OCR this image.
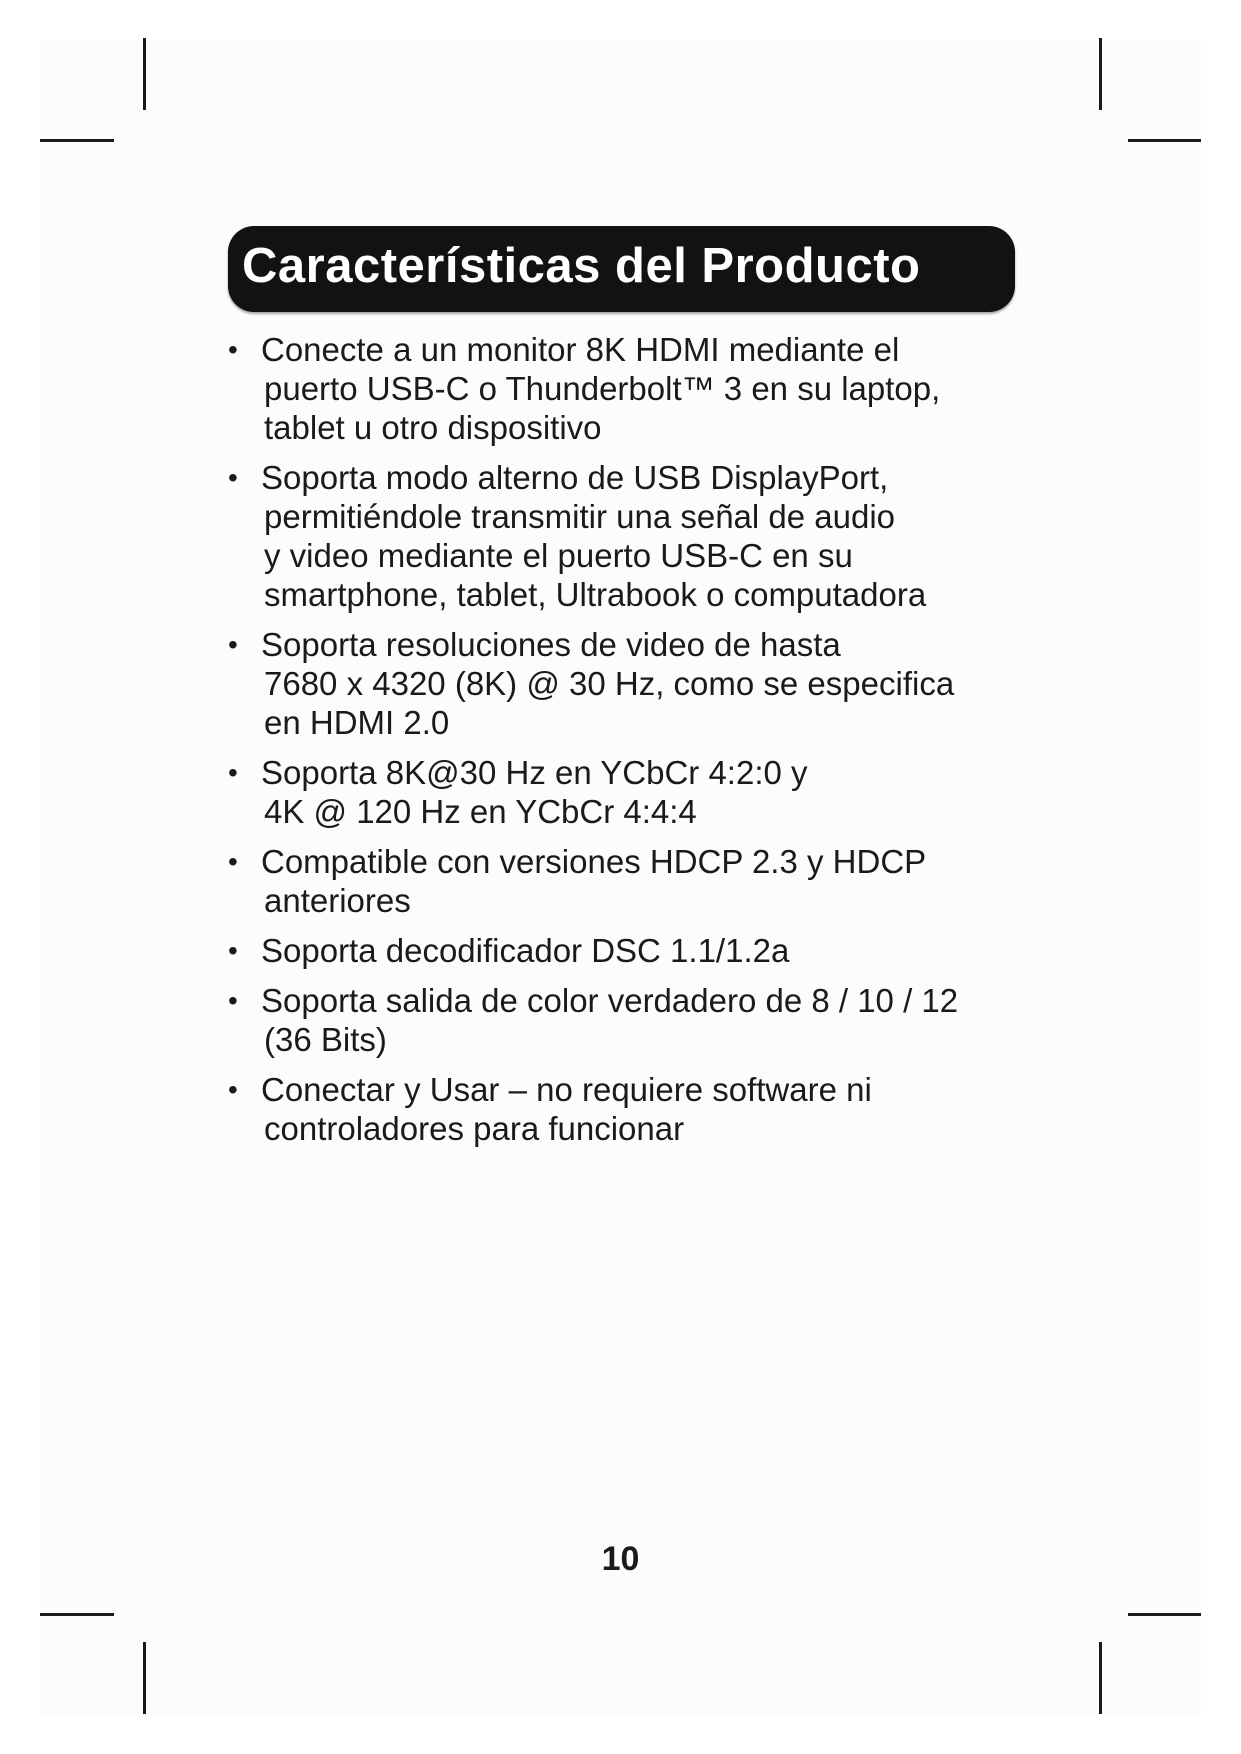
Características del Producto
• Conecte a un monitor 8K HDMI mediante el
puerto USB-C o Thunderbolt™ 3 en su laptop,
tablet u otro dispositivo
• Soporta modo alterno de USB DisplayPort,
permitiéndole transmitir una señal de audio
y video mediante el puerto USB-C en su
smartphone, tablet, Ultrabook o computadora
• Soporta resoluciones de video de hasta
7680 x 4320 (8K) @ 30 Hz, como se especifica
en HDMI 2.0
• Soporta 8K@30 Hz en YCbCr 4:2:0 y
4K @ 120 Hz en YCbCr 4:4:4
• Compatible con versiones HDCP 2.3 y HDCP
anteriores
• Soporta decodificador DSC 1.1/1.2a
• Soporta salida de color verdadero de 8 / 10 / 12
(36 Bits)
• Conectar y Usar – no requiere software ni
controladores para funcionar
10
